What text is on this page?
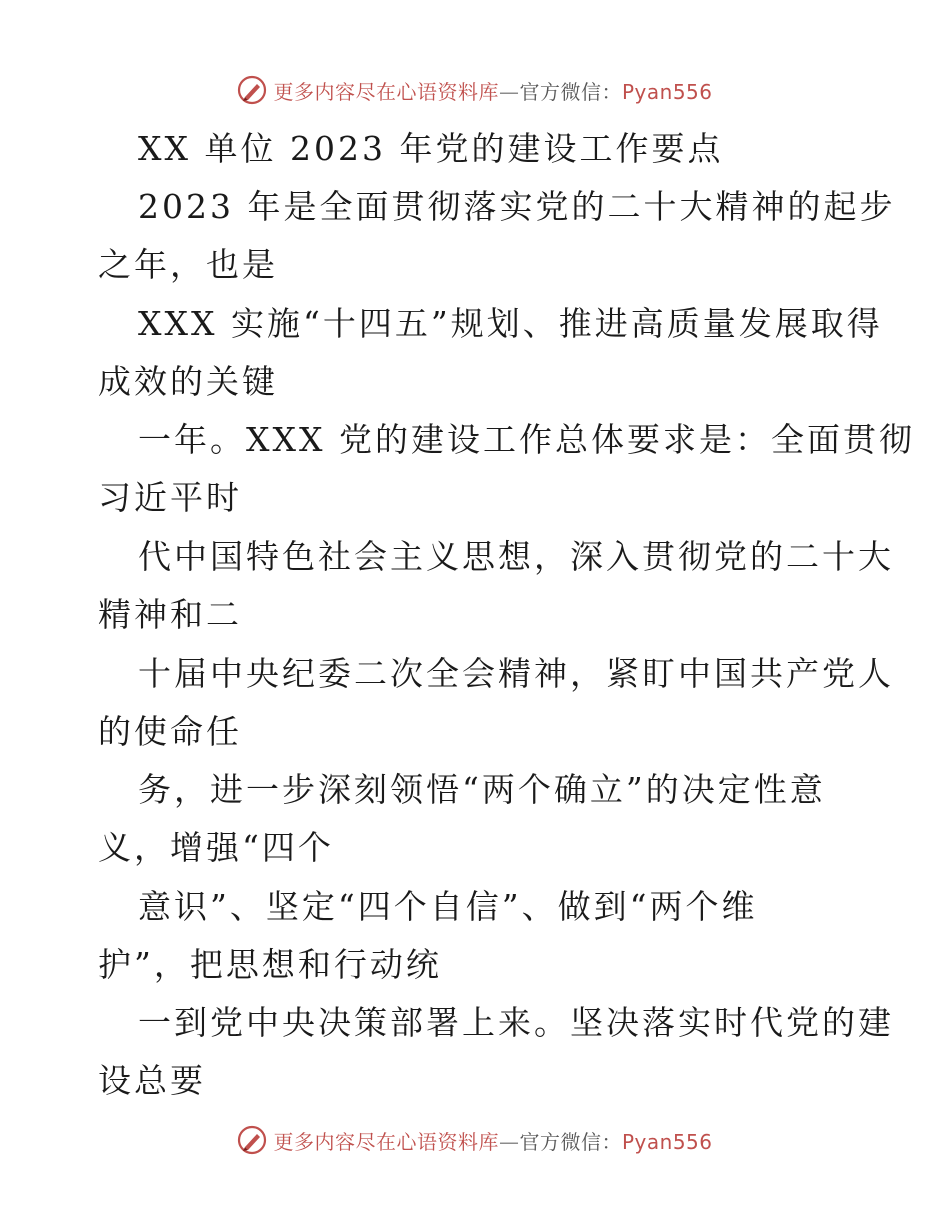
更多内容尽在心语资料库—官方微信：Pyan556
XX 单位 2023 年党的建设工作要点
2023 年是全面贯彻落实党的二十大精神的起步
之年，也是
XXX 实施“十四五”规划、推进高质量发展取得
成效的关键
一年。XXX 党的建设工作总体要求是：全面贯彻
习近平时
代中国特色社会主义思想，深入贯彻党的二十大
精神和二
十届中央纪委二次全会精神，紧盯中国共产党人
的使命任
务，进一步深刻领悟“两个确立”的决定性意
义，增强“四个
意识”、坚定“四个自信”、做到“两个维
护”，把思想和行动统
一到党中央决策部署上来。坚决落实时代党的建
设总要
更多内容尽在心语资料库—官方微信：Pyan556
